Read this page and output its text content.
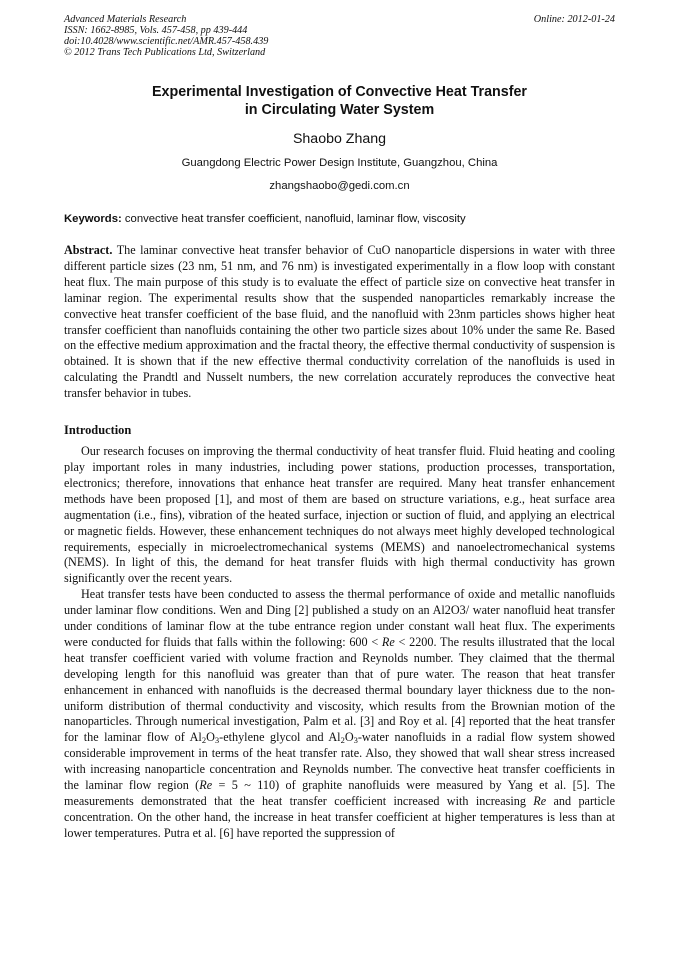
Advanced Materials Research
ISSN: 1662-8985, Vols. 457-458, pp 439-444
doi:10.4028/www.scientific.net/AMR.457-458.439
© 2012 Trans Tech Publications Ltd, Switzerland
Online: 2012-01-24
Experimental Investigation of Convective Heat Transfer
in Circulating Water System
Shaobo Zhang
Guangdong Electric Power Design Institute, Guangzhou, China
zhangshaobo@gedi.com.cn
Keywords: convective heat transfer coefficient, nanofluid, laminar flow, viscosity
Abstract. The laminar convective heat transfer behavior of CuO nanoparticle dispersions in water with three different particle sizes (23 nm, 51 nm, and 76 nm) is investigated experimentally in a flow loop with constant heat flux. The main purpose of this study is to evaluate the effect of particle size on convective heat transfer in laminar region. The experimental results show that the suspended nanoparticles remarkably increase the convective heat transfer coefficient of the base fluid, and the nanofluid with 23nm particles shows higher heat transfer coefficient than nanofluids containing the other two particle sizes about 10% under the same Re. Based on the effective medium approximation and the fractal theory, the effective thermal conductivity of suspension is obtained. It is shown that if the new effective thermal conductivity correlation of the nanofluids is used in calculating the Prandtl and Nusselt numbers, the new correlation accurately reproduces the convective heat transfer behavior in tubes.
Introduction
Our research focuses on improving the thermal conductivity of heat transfer fluid. Fluid heating and cooling play important roles in many industries, including power stations, production processes, transportation, electronics; therefore, innovations that enhance heat transfer are required. Many heat transfer enhancement methods have been proposed [1], and most of them are based on structure variations, e.g., heat surface area augmentation (i.e., fins), vibration of the heated surface, injection or suction of fluid, and applying an electrical or magnetic fields. However, these enhancement techniques do not always meet highly developed technological requirements, especially in microelectromechanical systems (MEMS) and nanoelectromechanical systems (NEMS). In light of this, the demand for heat transfer fluids with high thermal conductivity has grown significantly over the recent years.
Heat transfer tests have been conducted to assess the thermal performance of oxide and metallic nanofluids under laminar flow conditions. Wen and Ding [2] published a study on an Al2O3/ water nanofluid heat transfer under conditions of laminar flow at the tube entrance region under constant wall heat flux. The experiments were conducted for fluids that falls within the following: 600 < Re < 2200. The results illustrated that the local heat transfer coefficient varied with volume fraction and Reynolds number. They claimed that the thermal developing length for this nanofluid was greater than that of pure water. The reason that heat transfer enhancement in enhanced with nanofluids is the decreased thermal boundary layer thickness due to the non-uniform distribution of thermal conductivity and viscosity, which results from the Brownian motion of the nanoparticles. Through numerical investigation, Palm et al. [3] and Roy et al. [4] reported that the heat transfer for the laminar flow of $Al_2O_3$-ethylene glycol and $Al_2O_3$-water nanofluids in a radial flow system showed considerable improvement in terms of the heat transfer rate. Also, they showed that wall shear stress increased with increasing nanoparticle concentration and Reynolds number. The convective heat transfer coefficients in the laminar flow region (Re = 5 ~ 110) of graphite nanofluids were measured by Yang et al. [5]. The measurements demonstrated that the heat transfer coefficient increased with increasing Re and particle concentration. On the other hand, the increase in heat transfer coefficient at higher temperatures is less than at lower temperatures. Putra et al. [6] have reported the suppression of
